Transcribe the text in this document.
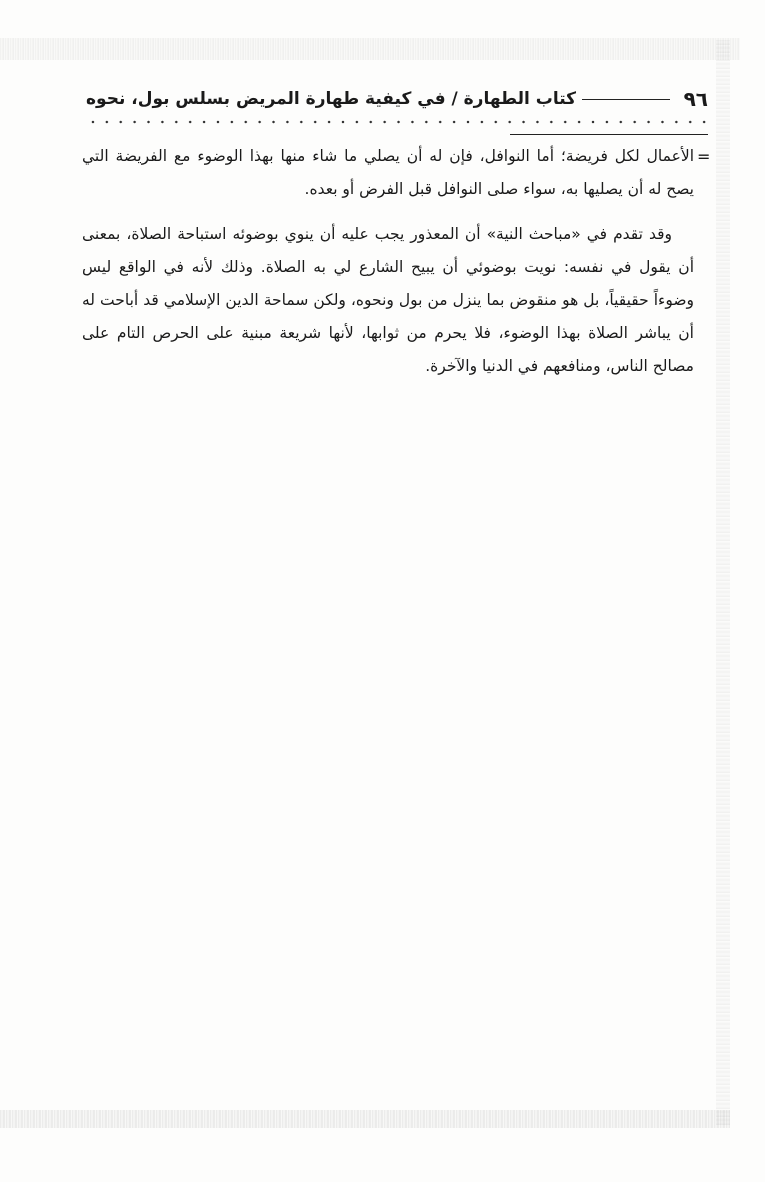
٩٦
كتاب الطهارة / في كيفية طهارة المريض بسلس بول، نحوه
=

الأعمال لكل فريضة؛ أما النوافل، فإن له أن يصلي ما شاء منها بهذا الوضوء مع الفريضة التي يصح له أن يصليها به، سواء صلى النوافل قبل الفرض أو بعده.

وقد تقدم في «مباحث النية» أن المعذور يجب عليه أن ينوي بوضوئه استباحة الصلاة، بمعنى أن يقول في نفسه: نويت بوضوئي أن يبيح الشارع لي به الصلاة. وذلك لأنه في الواقع ليس وضوءاً حقيقياً، بل هو منقوض بما ينزل من بول ونحوه، ولكن سماحة الدين الإسلامي قد أباحت له أن يباشر الصلاة بهذا الوضوء، فلا يحرم من ثوابها، لأنها شريعة مبنية على الحرص التام على مصالح الناس، ومنافعهم في الدنيا والآخرة.
